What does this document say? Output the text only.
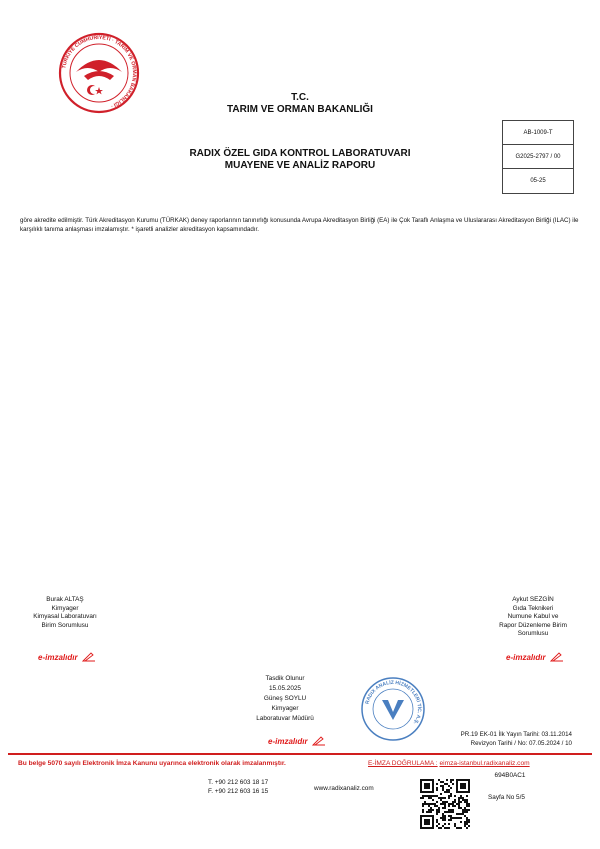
TÜRKİYE CUMHURİYETİ · TARIM VE ORMAN BAKANLIĞI ·
T.C.
TARIM VE ORMAN BAKANLIĞI
RADIX ÖZEL GIDA KONTROL LABORATUVARI
MUAYENE VE ANALİZ RAPORU
AB-1009-T
G2025-2797 / 00
05-25
göre akredite edilmiştir. Türk Akreditasyon Kurumu (TÜRKAK) deney raporlarının tanınırlığı konusunda Avrupa Akreditasyon Birliği (EA) ile Çok Taraflı Anlaşma ve Uluslararası Akreditasyon Birliği (ILAC) ile karşılıklı tanıma anlaşması imzalamıştır. * işaretli analizler akreditasyon kapsamındadır.
Burak ALTAŞ
Kimyager
Kimyasal Laboratuvarı
Birim Sorumlusu
e-imzalıdır
Aykut SEZGİN
Gıda Teknikeri
Numune Kabul ve
Rapor Düzenleme Birim
Sorumlusu
e-imzalıdır
Tasdik Olunur
15.05.2025
Güneş SOYLU
Kimyager
Laboratuvar Müdürü
e-imzalıdır
RADIX ANALİZ HİZMETLERİ TİC. A.Ş.
PR.19 EK-01 İlk Yayın Tarihi: 03.11.2014
Revizyon Tarihi / No: 07.05.2024 / 10
Bu belge 5070 sayılı Elektronik İmza Kanunu uyarınca elektronik olarak imzalanmıştır.	E-İMZA DOĞRULAMA : eimza-istanbul.radixanaliz.com
694B0AC1
T. +90 212 603 18 17
F. +90 212 603 16 15	www.radixanaliz.com
Sayfa No 5/5
